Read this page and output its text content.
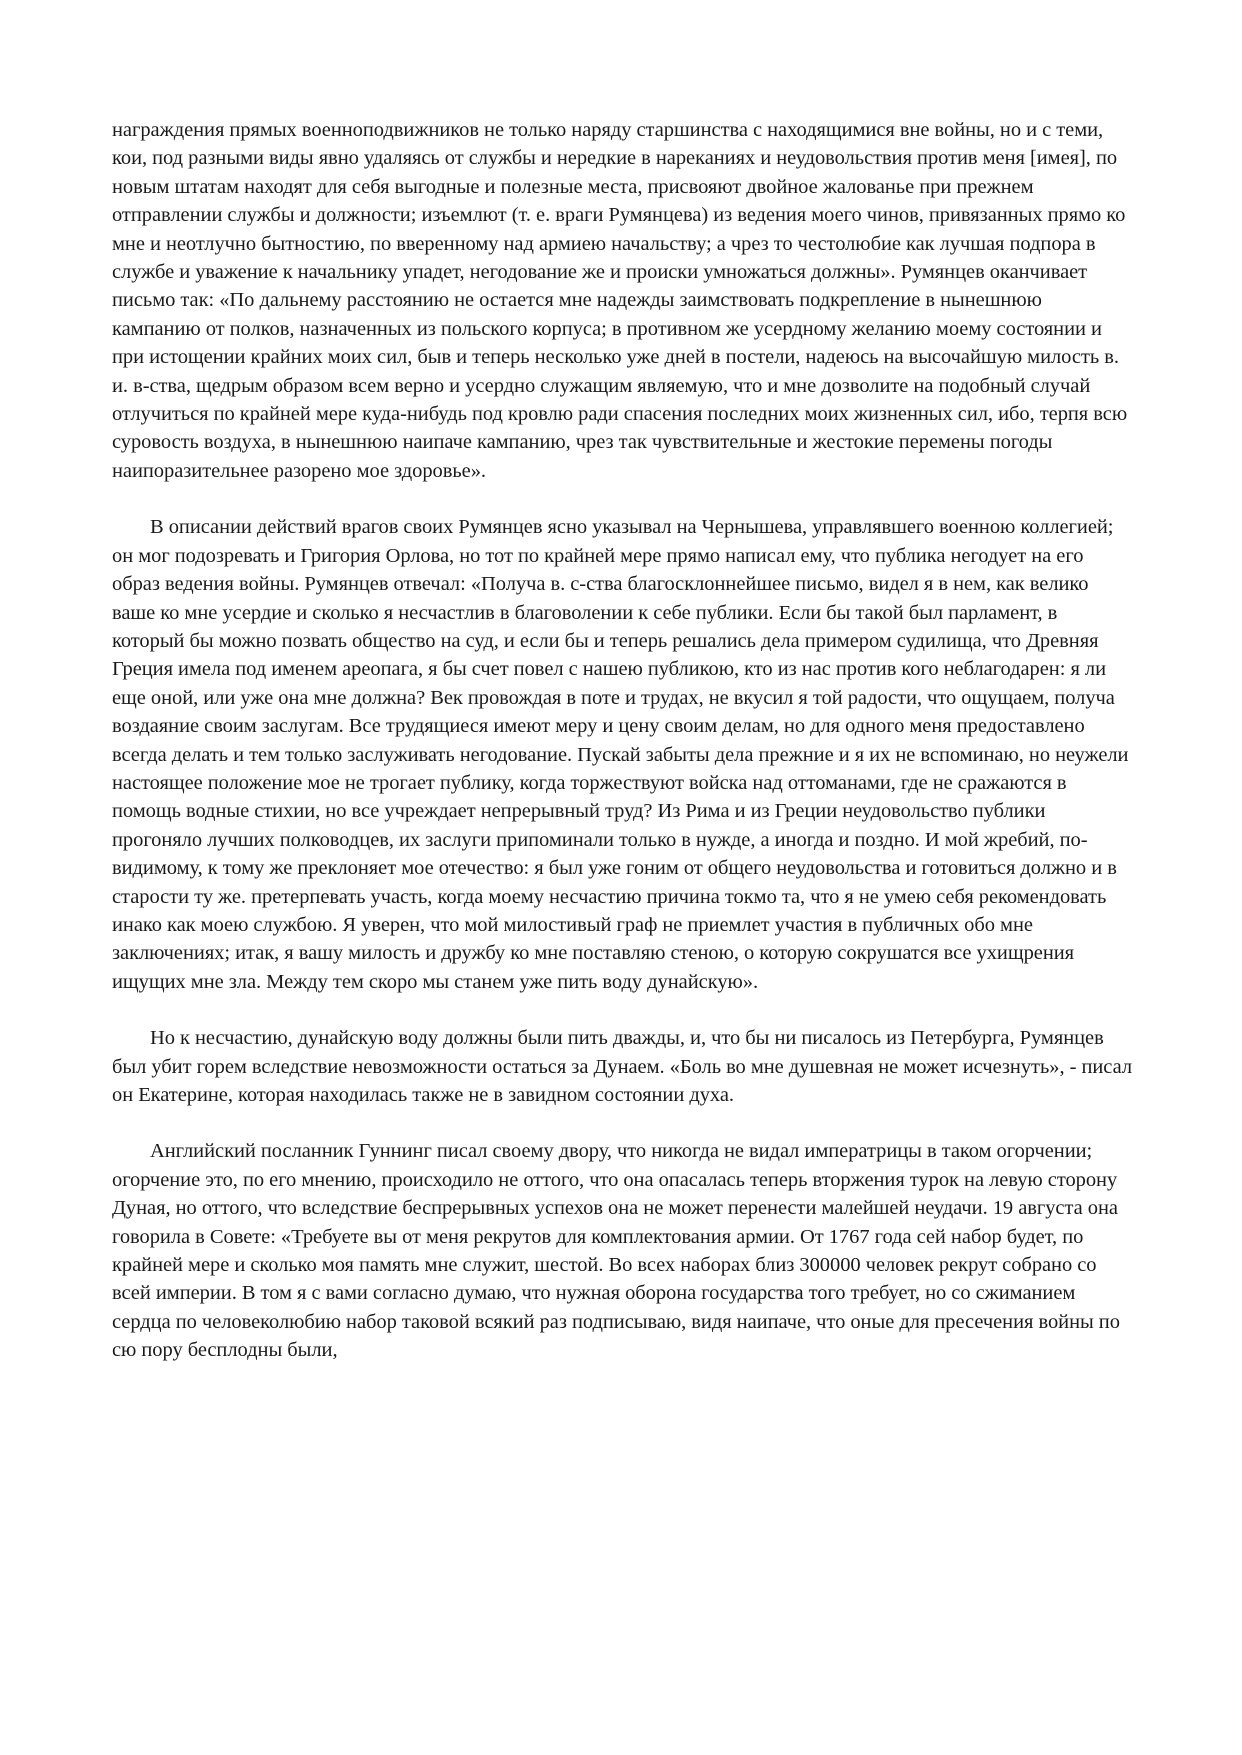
награждения прямых военноподвижников не только наряду старшинства с находящимися вне войны, но и с теми, кои, под разными виды явно удаляясь от службы и нередкие в нареканиях и неудовольствия против меня [имея], по новым штатам находят для себя выгодные и полезные места, присвояют двойное жалованье при прежнем отправлении службы и должности; изъемлют (т. е. враги Румянцева) из ведения моего чинов, привязанных прямо ко мне и неотлучно бытностию, по вверенному над армиею начальству; а чрез то честолюбие как лучшая подпора в службе и уважение к начальнику упадет, негодование же и происки умножаться должны». Румянцев оканчивает письмо так: «По дальнему расстоянию не остается мне надежды заимствовать подкрепление в нынешнюю кампанию от полков, назначенных из польского корпуса; в противном же усердному желанию моему состоянии и при истощении крайних моих сил, быв и теперь несколько уже дней в постели, надеюсь на высочайшую милость в. и. в-ства, щедрым образом всем верно и усердно служащим являемую, что и мне дозволите на подобный случай отлучиться по крайней мере куда-нибудь под кровлю ради спасения последних моих жизненных сил, ибо, терпя всю суровость воздуха, в нынешнюю наипаче кампанию, чрез так чувствительные и жестокие перемены погоды наипоразительнее разорено мое здоровье».

В описании действий врагов своих Румянцев ясно указывал на Чернышева, управлявшего военною коллегией; он мог подозревать и Григория Орлова, но тот по крайней мере прямо написал ему, что публика негодует на его образ ведения войны. Румянцев отвечал: «Получа в. с-ства благосклоннейшее письмо, видел я в нем, как велико ваше ко мне усердие и сколько я несчастлив в благоволении к себе публики. Если бы такой был парламент, в который бы можно позвать общество на суд, и если бы и теперь решались дела примером судилища, что Древняя Греция имела под именем ареопага, я бы счет повел с нашею публикою, кто из нас против кого неблагодарен: я ли еще оной, или уже она мне должна? Век провождая в поте и трудах, не вкусил я той радости, что ощущаем, получа воздаяние своим заслугам. Все трудящиеся имеют меру и цену своим делам, но для одного меня предоставлено всегда делать и тем только заслуживать негодование. Пускай забыты дела прежние и я их не вспоминаю, но неужели настоящее положение мое не трогает публику, когда торжествуют войска над оттоманами, где не сражаются в помощь водные стихии, но все учреждает непрерывный труд? Из Рима и из Греции неудовольство публики прогоняло лучших полководцев, их заслуги припоминали только в нужде, а иногда и поздно. И мой жребий, по-видимому, к тому же преклоняет мое отечество: я был уже гоним от общего неудовольства и готовиться должно и в старости ту же. претерпевать участь, когда моему несчастию причина токмо та, что я не умею себя рекомендовать инако как моею службою. Я уверен, что мой милостивый граф не приемлет участия в публичных обо мне заключениях; итак, я вашу милость и дружбу ко мне поставляю стеною, о которую сокрушатся все ухищрения ищущих мне зла. Между тем скоро мы станем уже пить воду дунайскую».

Но к несчастию, дунайскую воду должны были пить дважды, и, что бы ни писалось из Петербурга, Румянцев был убит горем вследствие невозможности остаться за Дунаем. «Боль во мне душевная не может исчезнуть», - писал он Екатерине, которая находилась также не в завидном состоянии духа.

Английский посланник Гуннинг писал своему двору, что никогда не видал императрицы в таком огорчении; огорчение это, по его мнению, происходило не оттого, что она опасалась теперь вторжения турок на левую сторону Дуная, но оттого, что вследствие беспрерывных успехов она не может перенести малейшей неудачи. 19 августа она говорила в Совете: «Требуете вы от меня рекрутов для комплектования армии. От 1767 года сей набор будет, по крайней мере и сколько моя память мне служит, шестой. Во всех наборах близ 300000 человек рекрут собрано со всей империи. В том я с вами согласно думаю, что нужная оборона государства того требует, но со сжиманием сердца по человеколюбию набор таковой всякий раз подписываю, видя наипаче, что оные для пресечения войны по сю пору бесплодны были,
